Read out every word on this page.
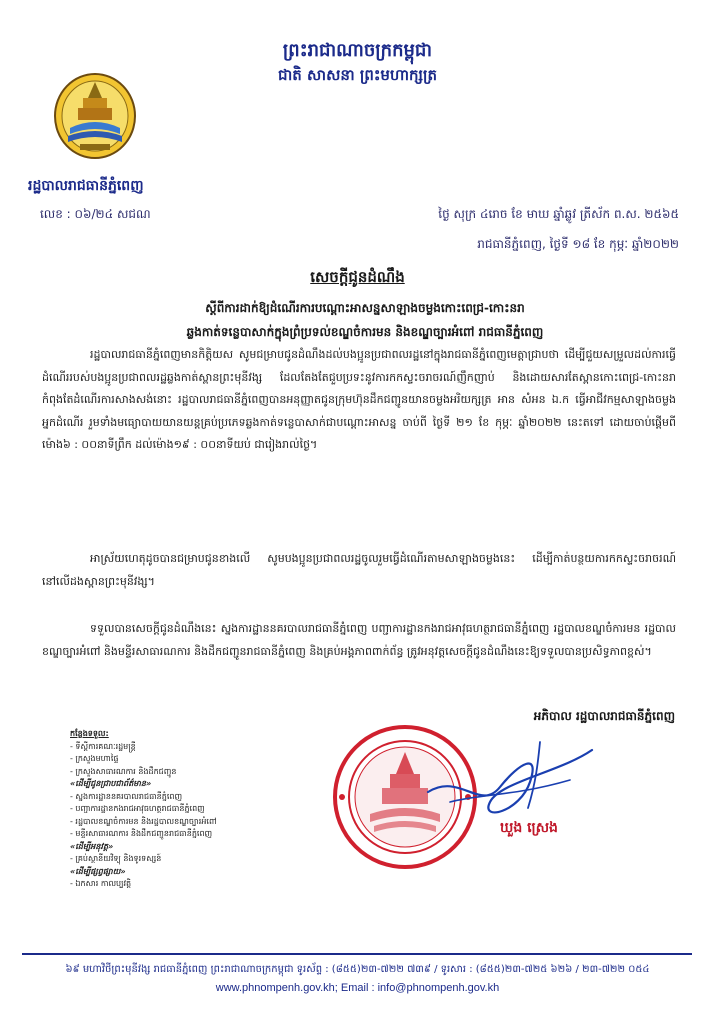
ព្រះរាជាណាចក្រកម្ពុជា
ជាតិ សាសនា ព្រះមហាក្សត្រ
រដ្ឋបាលរាជធានីភ្នំពេញ
លេខ : ០៦/២៤ សជណ	ថ្ងៃ សុក្រ ៤រោច ខែ មាឃ ឆ្នាំឆ្លូវ ត្រីស័ក ព.ស. ២៥៦៥
រាជធានីភ្នំពេញ, ថ្ងៃទី ១៨ ខែ កុម្ភៈ ឆ្នាំ២០២២
សេចក្តីជូនដំណឹង
ស្តីពីការដាក់ឱ្យដំណើរការបណ្តោះអាសន្នសាឡាងចម្លងកោះពេជ្រ-កោះនរា
ឆ្លងកាត់ទន្លេបាសាក់ក្នុងព្រំប្រទល់ខណ្ឌចំការមន និងខណ្ឌច្បារអំពៅ រាជធានីភ្នំពេញ

រដ្ឋបាលរាជធានីភ្នំពេញមានកិត្តិយស សូមជម្រាបជូនដំណឹងដល់បងប្អូនប្រជាពលរដ្ឋនៅក្នុងរាជធានីភ្នំពេញមេត្តាជ្រាបថា ដើម្បីជួយសម្រួលដល់ការធ្វើដំណើររបស់បងប្អូនប្រជាពលរដ្ឋឆ្លងកាត់ស្ពានព្រះមុនីវង្ស ដែលតែងតែជួបប្រទះនូវការកកស្ទះចរាចរណ៍ញឹកញាប់ និងដោយសារតែស្ពានកោះពេជ្រ-កោះនរាកំពុងតែដំណើរការសាងសង់នោះ រដ្ឋបាលរាជធានីភ្នំពេញបានអនុញ្ញាតជូនក្រុមហ៊ុនដឹកជញ្ជូនយានចម្លងអរិយក្សត្រ អាន សំអន ឯ.ក ធ្វើអាជីវកម្មសាឡាងចម្លងអ្នកដំណើរ រួមទាំងមធ្យោបាយយានយន្តគ្រប់ប្រភេទឆ្លងកាត់ទន្លេបាសាក់ជាបណ្តោះអាសន្ន ចាប់ពី ថ្ងៃទី ២១ ខែ កុម្ភៈ ឆ្នាំ២០២២ នេះតទៅ ដោយចាប់ផ្តើមពីម៉ោង៦ : ០០នាទីព្រឹក ដល់ម៉ោង១៩ : ០០នាទីយប់ ជារៀងរាល់ថ្ងៃ។

អាស្រ័យហេតុដូចបានជម្រាបជូនខាងលើ សូមបងប្អូនប្រជាពលរដ្ឋចូលរួមធ្វើដំណើរតាមសាឡាងចម្លងនេះ ដើម្បីកាត់បន្ថយការកកស្ទះចរាចរណ៍នៅលើដងស្ពានព្រះមុនីវង្ស។

ទទួលបានសេចក្តីជូនដំណឹងនេះ ស្នងការដ្ឋាននគរបាលរាជធានីភ្នំពេញ បញ្ជាការដ្ឋានកងរាជអាវុធហត្ថរាជធានីភ្នំពេញ រដ្ឋបាលខណ្ឌចំការមន រដ្ឋបាលខណ្ឌច្បារអំពៅ និងមន្ទីរសាធារណការ និងដឹកជញ្ជូនរាជធានីភ្នំពេញ និងគ្រប់អង្គភាពពាក់ព័ន្ធ ត្រូវអនុវត្តសេចក្តីជូនដំណឹងនេះឱ្យទទួលបានប្រសិទ្ធភាពខ្ពស់។

អភិបាល រដ្ឋបាលរាជធានីភ្នំពេញ
កន្លែងទទួល:
- ទីស្តីការគណៈរដ្ឋមន្ត្រី
- ក្រសួងមហាផ្ទៃ
- ក្រសួងសាធារណការ និងដឹកជញ្ជូន
«ដើម្បីជូនជ្រាបជាព័ត៌មាន»
- ស្នងការដ្ឋាននគរបាលរាជធានីភ្នំពេញ
- បញ្ជាការដ្ឋានកងរាជអាវុធហត្ថរាជធានីភ្នំពេញ
- រដ្ឋបាលខណ្ឌចំការមន និងរដ្ឋបាលខណ្ឌច្បារអំពៅ
- មន្ទីរសាធារណការ និងដឹកជញ្ជូនរាជធានីភ្នំពេញ
«ដើម្បីអនុវត្ត»
- គ្រប់ស្ថានីយវិទ្យុ និងទូរទស្សន៍
«ដើម្បីផ្សព្វផ្សាយ»
- ឯកសារ កាលប្បវត្តិ
ឃួង ស្រេង
៦៩ មហាវិថីព្រះមុនីវង្ស រាជធានីភ្នំពេញ ព្រះរាជាណាចក្រកម្ពុជា ទូរស័ព្ទ : (៨៥៥)២៣-៧២២ ៧៣៩ / ទូរសារ : (៨៥៥)២៣-៧២៥ ៦២៦ / ២៣-៧២២ ០៥៤
www.phnompenh.gov.kh; Email : info@phnompenh.gov.kh
